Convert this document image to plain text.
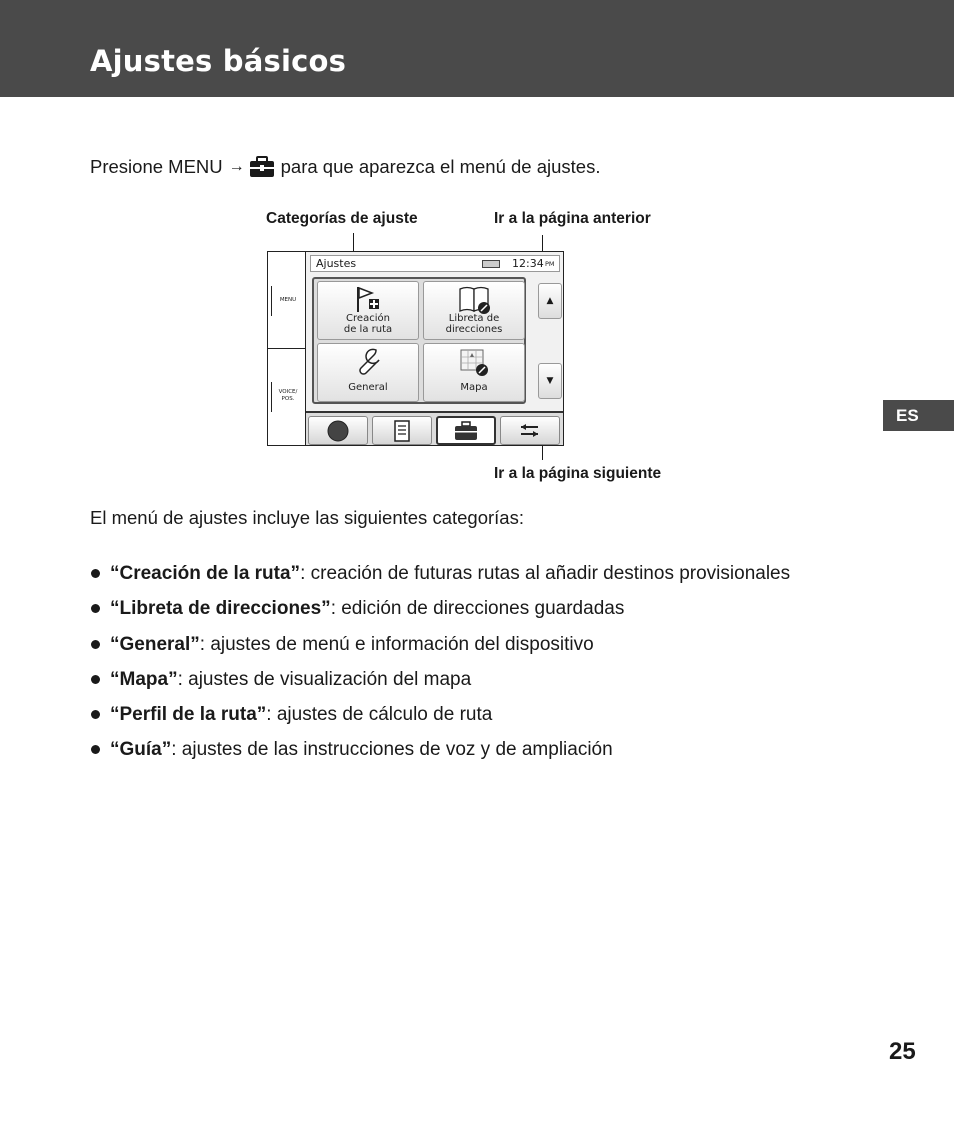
Ajustes básicos

Presione MENU → para que aparezca el menú de ajustes.

Categorías de ajuste	Ir a la página anterior
Ir a la página siguiente
MENU
VOICE/
POS.
Ajustes	12:34 PM
Creación
de la ruta
Libreta de
direcciones
General	Mapa
▲
▼
ES

El menú de ajustes incluye las siguientes categorías:

“Creación de la ruta”: creación de futuras rutas al añadir destinos provisionales
“Libreta de direcciones”: edición de direcciones guardadas
“General”: ajustes de menú e información del dispositivo
“Mapa”: ajustes de visualización del mapa
“Perfil de la ruta”: ajustes de cálculo de ruta
“Guía”: ajustes de las instrucciones de voz y de ampliación
25
